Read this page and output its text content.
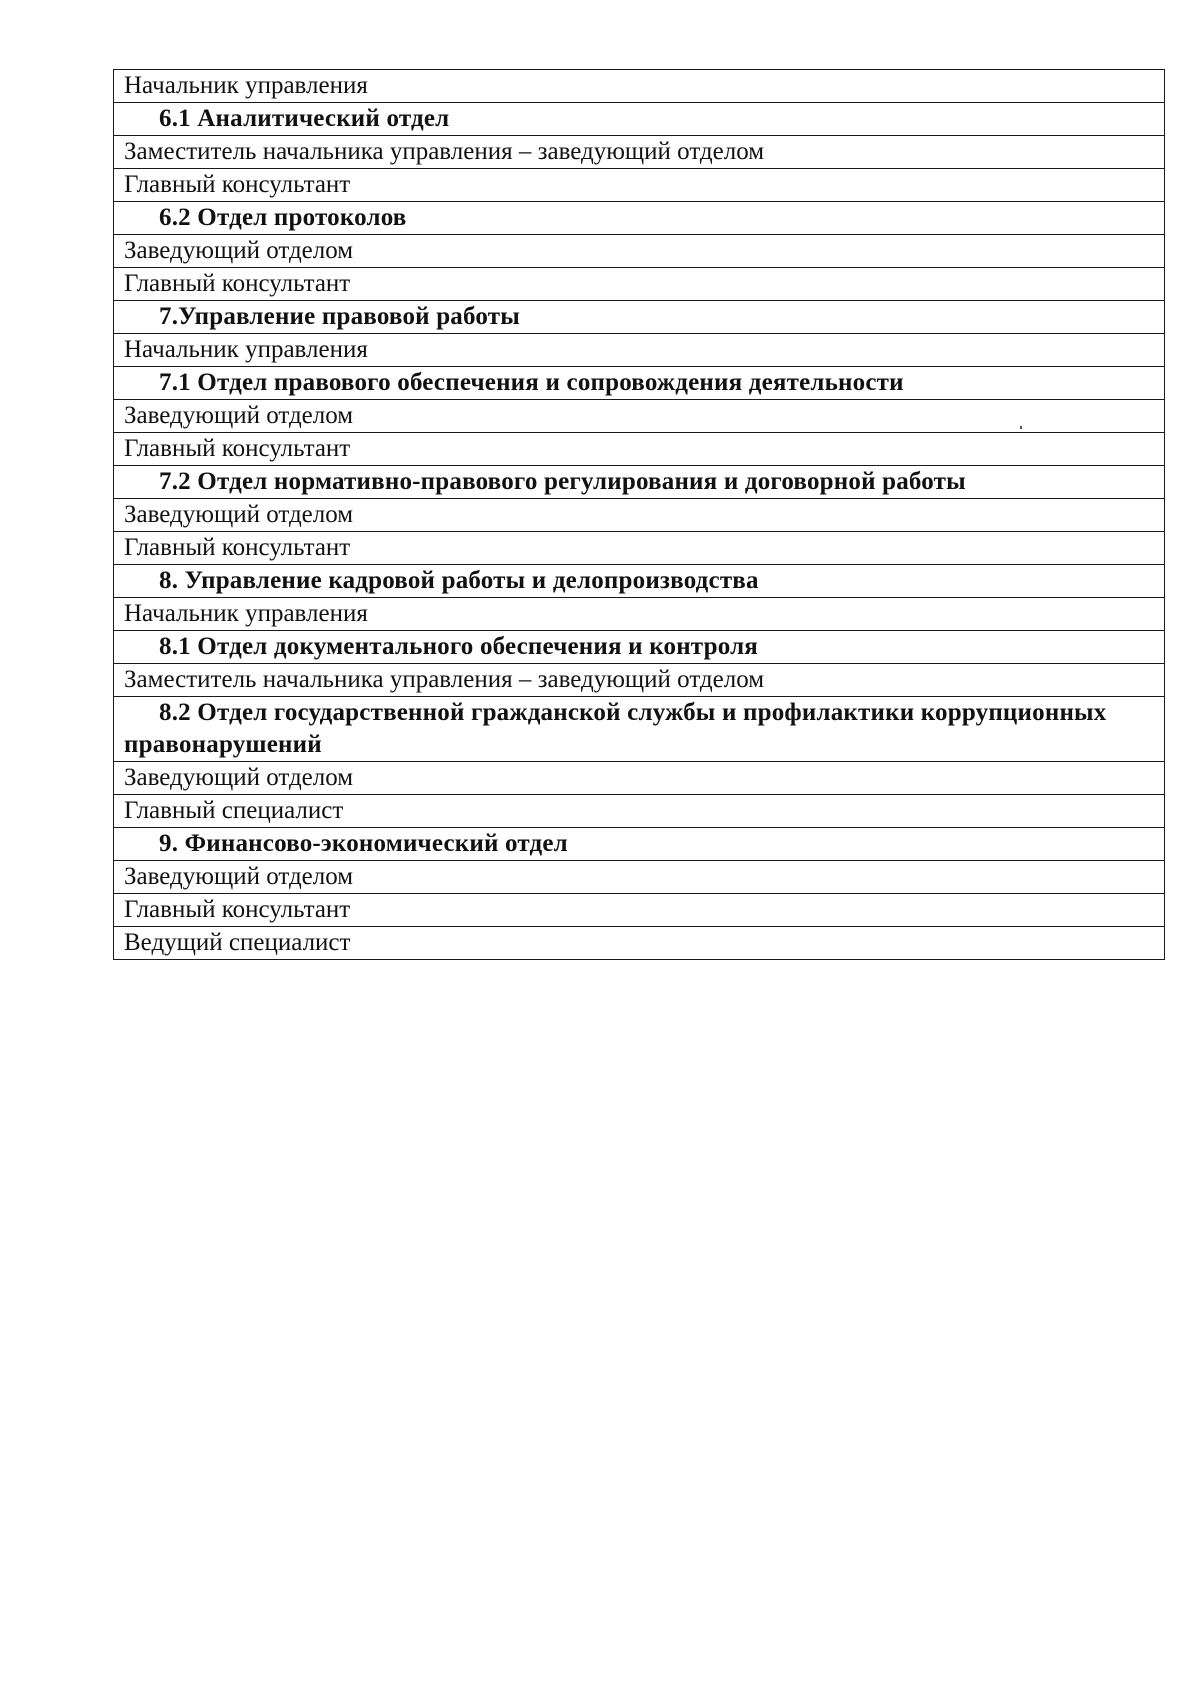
Начальник управления
6.1 Аналитический отдел
Заместитель начальника управления – заведующий отделом
Главный консультант
6.2 Отдел протоколов
Заведующий отделом
Главный консультант
7.Управление правовой работы
Начальник управления
7.1 Отдел правового обеспечения и сопровождения деятельности
Заведующий отделом
Главный консультант
7.2 Отдел нормативно-правового регулирования и договорной работы
Заведующий отделом
Главный консультант
8. Управление кадровой работы и делопроизводства
Начальник управления
8.1 Отдел документального обеспечения и контроля
Заместитель начальника управления – заведующий отделом
8.2 Отдел государственной гражданской службы и профилактики коррупционных правонарушений
Заведующий отделом
Главный специалист
9. Финансово-экономический отдел
Заведующий отделом
Главный консультант
Ведущий специалист
